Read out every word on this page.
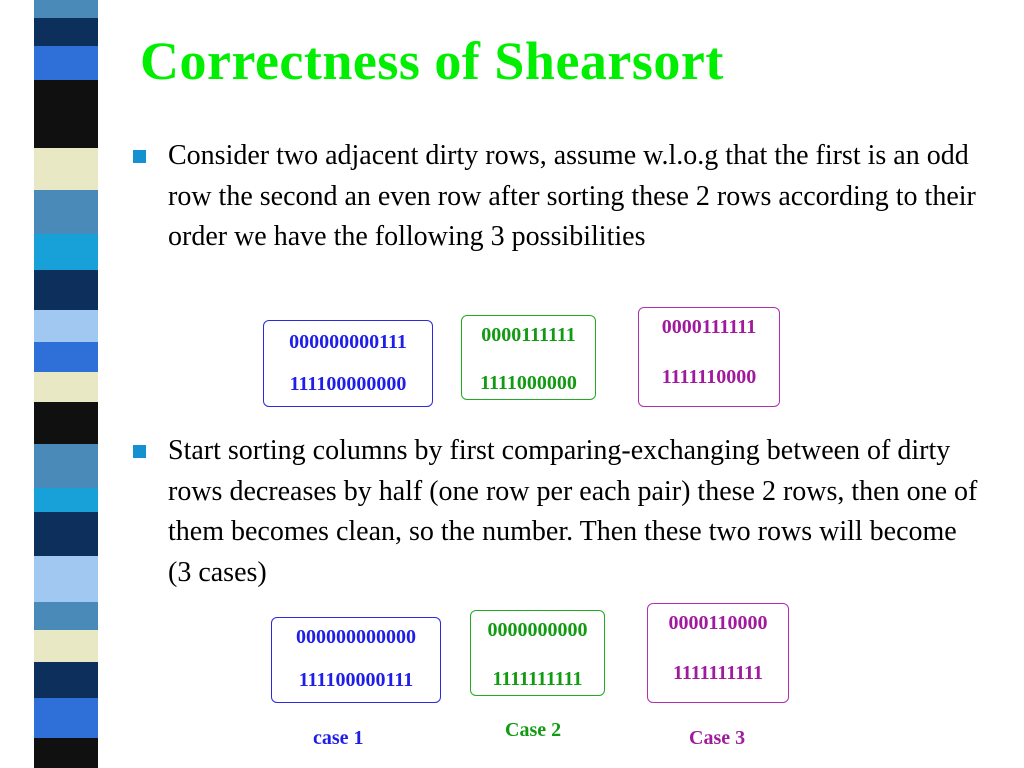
Correctness of Shearsort

Consider two adjacent dirty rows, assume w.l.o.g that the first is an odd row the second an even row after sorting these 2 rows according to their order we have the following 3 possibilities

000000000111
111100000000
0000111111
1111000000
0000111111
1111110000

Start sorting columns by first comparing-exchanging between of dirty rows decreases by half (one row per each pair) these 2 rows, then one of them becomes clean, so the number. Then these two rows will become (3 cases)

000000000000
111100000111
0000000000
1111111111
0000110000
1111111111
case 1	Case 2	Case 3
